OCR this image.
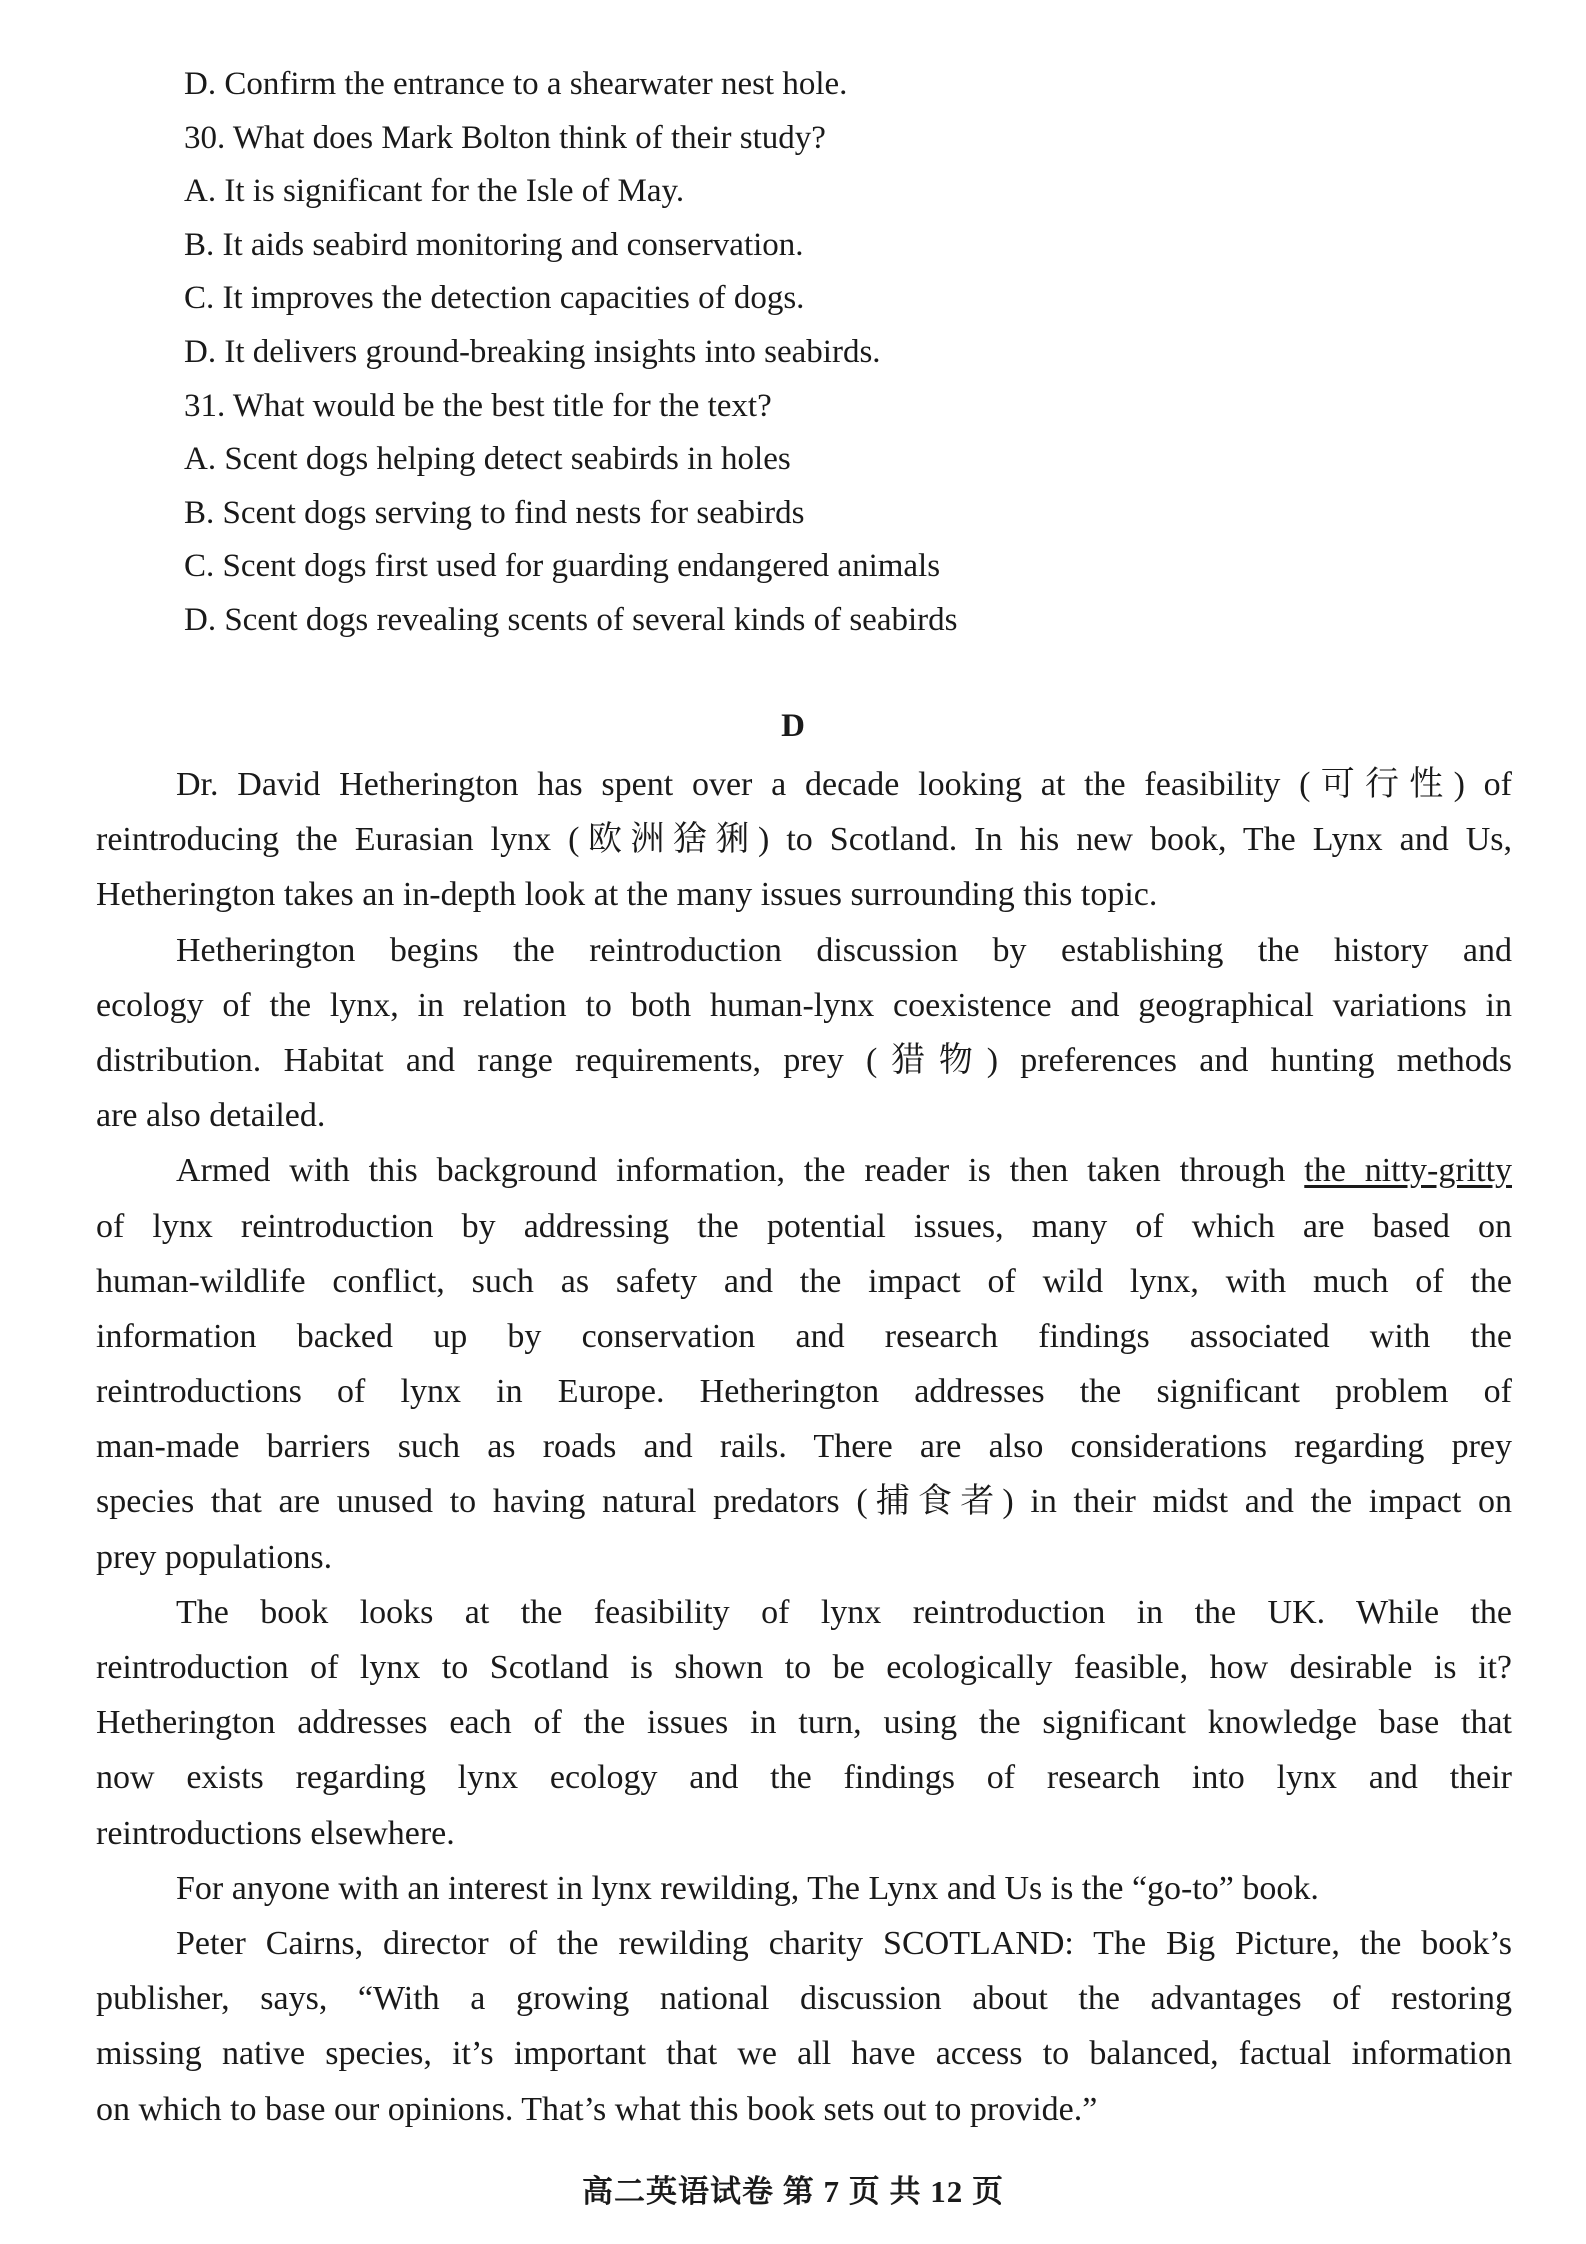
D. Confirm the entrance to a shearwater nest hole.
30. What does Mark Bolton think of their study?
A. It is significant for the Isle of May.
B. It aids seabird monitoring and conservation.
C. It improves the detection capacities of dogs.
D. It delivers ground-breaking insights into seabirds.
31. What would be the best title for the text?
A. Scent dogs helping detect seabirds in holes
B. Scent dogs serving to find nests for seabirds
C. Scent dogs first used for guarding endangered animals
D. Scent dogs revealing scents of several kinds of seabirds
D
Dr. David Hetherington has spent over a decade looking at the feasibility (可行性) of
reintroducing the Eurasian lynx (欧洲猞猁) to Scotland. In his new book, The Lynx and Us,
Hetherington takes an in-depth look at the many issues surrounding this topic.
Hetherington begins the reintroduction discussion by establishing the history and
ecology of the lynx, in relation to both human-lynx coexistence and geographical variations in
distribution. Habitat and range requirements, prey (猎物) preferences and hunting methods
are also detailed.
Armed with this background information, the reader is then taken through the nitty-gritty
of lynx reintroduction by addressing the potential issues, many of which are based on
human-wildlife conflict, such as safety and the impact of wild lynx, with much of the
information backed up by conservation and research findings associated with the
reintroductions of lynx in Europe. Hetherington addresses the significant problem of
man-made barriers such as roads and rails. There are also considerations regarding prey
species that are unused to having natural predators (捕食者) in their midst and the impact on
prey populations.
The book looks at the feasibility of lynx reintroduction in the UK. While the
reintroduction of lynx to Scotland is shown to be ecologically feasible, how desirable is it?
Hetherington addresses each of the issues in turn, using the significant knowledge base that
now exists regarding lynx ecology and the findings of research into lynx and their
reintroductions elsewhere.
For anyone with an interest in lynx rewilding, The Lynx and Us is the “go-to” book.
Peter Cairns, director of the rewilding charity SCOTLAND: The Big Picture, the book’s
publisher, says, “With a growing national discussion about the advantages of restoring
missing native species, it’s important that we all have access to balanced, factual information
on which to base our opinions. That’s what this book sets out to provide.”
高二英语试卷 第 7 页 共 12 页
